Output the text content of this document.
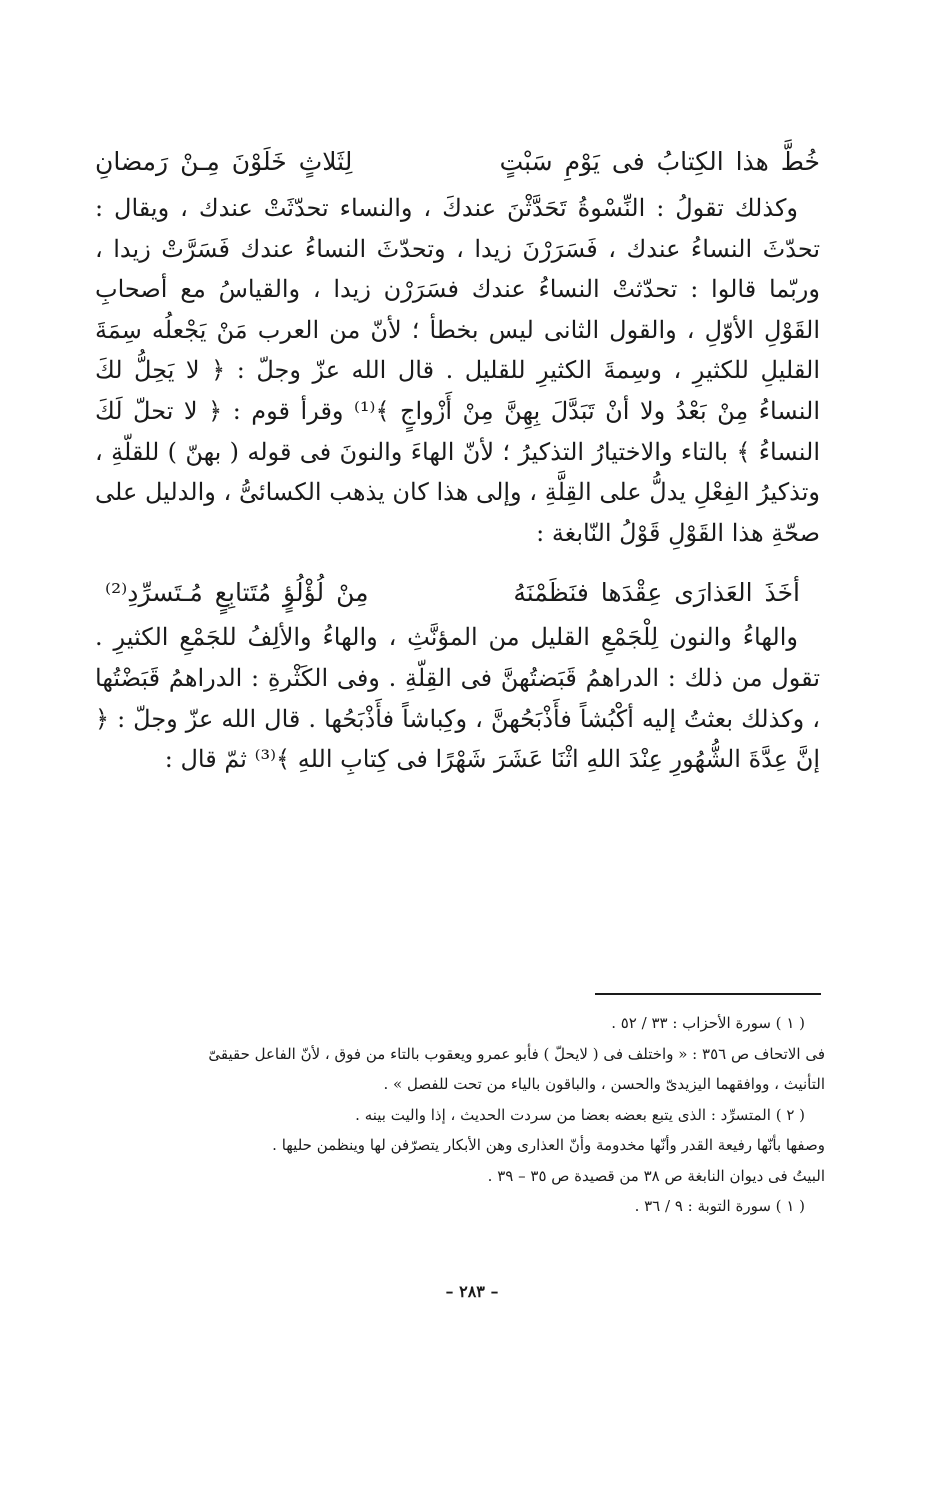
خُطَّ هذا الكِتابُ فى يَوْمِ سَبْتٍ
لِثَلاثٍ خَلَوْنَ مِـنْ رَمضانِ

وكذلك تقولُ : النِّسْوةُ تَحَدَّثْنَ عندكَ ، والنساء تحدّثَتْ عندك ، ويقال : تحدّثَ النساءُ عندك ، فَسَرَرْنَ زيدا ، وتحدّثَ النساءُ عندك فَسَرَّتْ زيدا ، وربّما قالوا : تحدّثتْ النساءُ عندك فسَرَرْن زيدا ، والقياسُ مع أصحابِ القَوْلِ الأوّلِ ، والقول الثانى ليس بخطأ ؛ لأنّ من العرب مَنْ يَجْعلُه سِمَةَ القليلِ للكثيرِ ، وسِمةَ الكثيرِ للقليل . قال الله عزّ وجلّ : ﴿ لا يَحِلُّ لكَ النساءُ مِنْ بَعْدُ ولا أنْ تَبَدَّلَ بِهِنَّ مِنْ أَزْواجٍ ﴾⁽¹⁾ وقرأ قوم : ﴿ لا تحلّ لَكَ النساءُ ﴾ بالتاء والاختيارُ التذكيرُ ؛ لأنّ الهاءَ والنونَ فى قوله ( بهنّ ) للقلّةِ ، وتذكيرُ الفِعْلِ يدلُّ على القِلَّةِ ، وإلى هذا كان يذهب الكسائىُّ ، والدليل على صحّةِ هذا القَوْلِ قَوْلُ النّابغة :

أخَذَ العَذارَى عِقْدَها فنَظَمْنَهُ
مِنْ لُؤْلُؤٍ مُتَتابِعٍ مُـتَسرِّدِ⁽²⁾

والهاءُ والنون لِلْجَمْعِ القليل من المؤنَّثِ ، والهاءُ والألِفُ للجَمْعِ الكثيرِ . تقول من ذلك : الدراهمُ قَبَضتُهنَّ فى القِلّةِ . وفى الكَثْرةِ : الدراهمُ قَبَضْتُها ، وكذلك بعثتُ إليه أكْبُشاً فأَذْبَحُهنَّ ، وكِباشاً فأَذْبَحُها . قال الله عزّ وجلّ : ﴿ إنَّ عِدَّةَ الشُّهُورِ عِنْدَ اللهِ اثْنَا عَشَرَ شَهْرًا فى كِتابِ اللهِ ﴾⁽³⁾ ثمّ قال :

( ١ ) سورة الأحزاب : ٣٣ / ٥٢ .
فى الاتحاف ص ٣٥٦ : « واختلف فى ( لايحلّ ) فأبو عمرو ويعقوب بالتاء من فوق ، لأنّ الفاعل حقيقىّ
التأنيث ، ووافقهما اليزيدىّ والحسن ، والباقون بالياء من تحت للفصل » .
( ٢ ) المتسرِّد : الذى يتبع بعضه بعضا من سردت الحديث ، إذا واليت بينه .
وصفها بأنّها رفيعة القدر وأنّها مخدومة وأنّ العذارى وهن الأبكار يتصرّفن لها وينظمن حليها .
البيتُ فى ديوان النابغة ص ٣٨ من قصيدة ص ٣٥ – ٣٩ .
( ١ ) سورة التوبة : ٩ / ٣٦ .
– ٢٨٣ –
